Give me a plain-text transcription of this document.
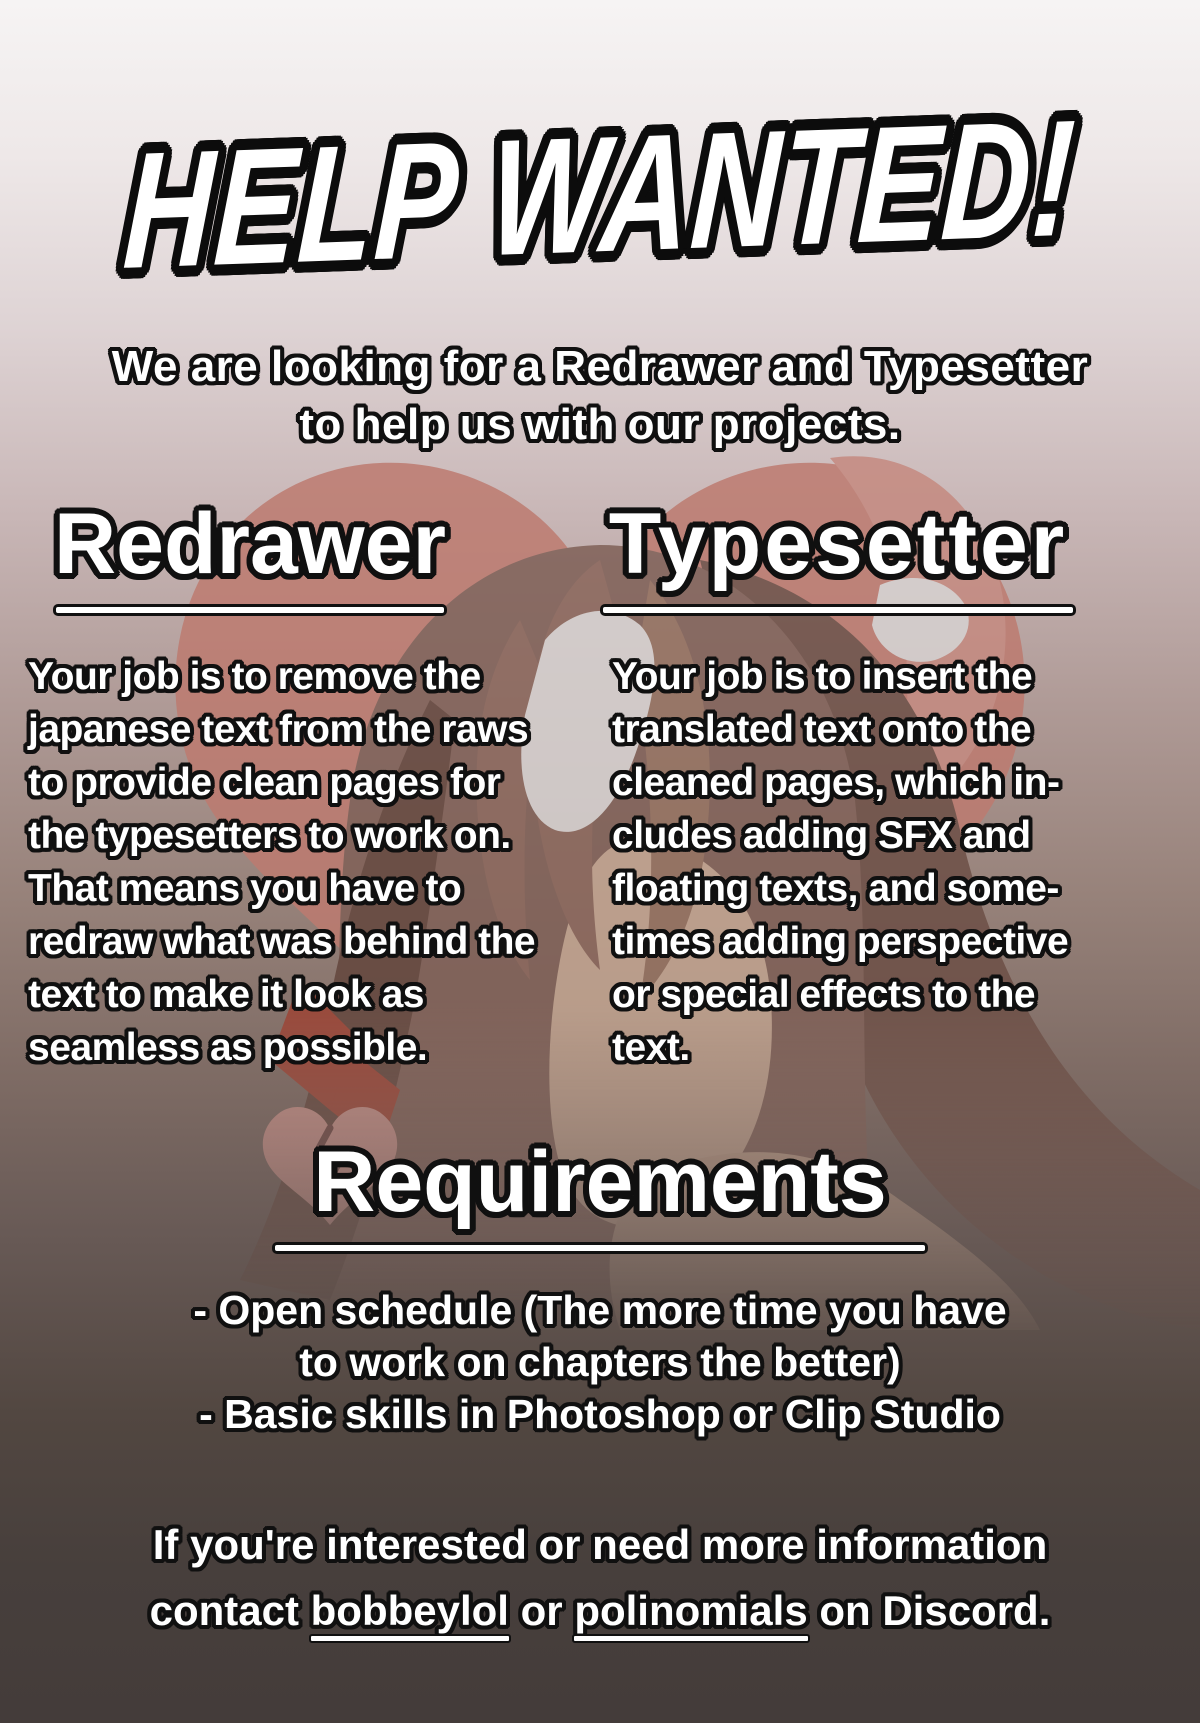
HELP WANTED!
We are looking for a Redrawer and Typesetter
to help us with our projects.
Redrawer Typesetter
Your job is to remove the
japanese text from the raws
to provide clean pages for
the typesetters to work on.
That means you have to
redraw what was behind the
text to make it look as
seamless as possible.
Your job is to insert the
translated text onto the
cleaned pages, which in-
cludes adding SFX and
floating texts, and some-
times adding perspective
or special effects to the
text.
Requirements
- Open schedule (The more time you have
to work on chapters the better)
- Basic skills in Photoshop or Clip Studio
If you're interested or need more information
contact bobbeylol or polinomials on Discord.
